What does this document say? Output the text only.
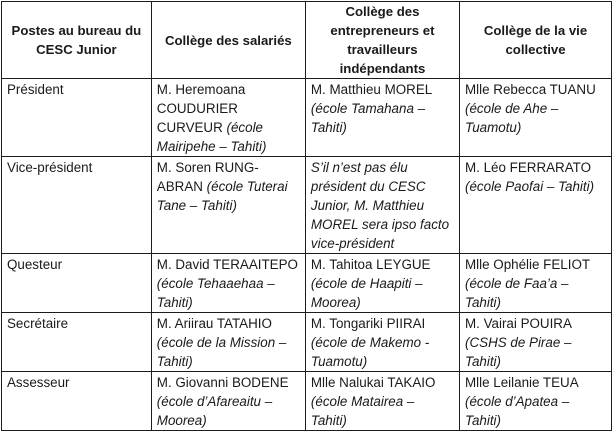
Postes au bureau du CESC Junior	Collège des salariés	Collège des entrepreneurs et travailleurs indépendants	Collège de la vie collective
Président	M. Heremoana COUDURIER CURVEUR (école Mairipehe – Tahiti)	M. Matthieu MOREL (école Tamahana – Tahiti)	Mlle Rebecca TUANU (école de Ahe – Tuamotu)
Vice-président	M. Soren RUNG-ABRAN (école Tuterai Tane – Tahiti)	S’il n’est pas élu président du CESC Junior, M. Matthieu MOREL sera ipso facto vice-président	M. Léo FERRARATO (école Paofai – Tahiti)
Questeur	M. David TERAAITEPO (école Tehaaehaa – Tahiti)	M. Tahitoa LEYGUE (école de Haapiti – Moorea)	Mlle Ophélie FELIOT (école de Faa’a – Tahiti)
Secrétaire	M. Ariirau TATAHIO (école de la Mission – Tahiti)	M. Tongariki PIIRAI (école de Makemo - Tuamotu)	M. Vairai POUIRA (CSHS de Pirae – Tahiti)
Assesseur	M. Giovanni BODENE (école d’Afareaitu – Moorea)	Mlle Nalukai TAKAIO (école Matairea – Tahiti)	Mlle Leilanie TEUA (école d’Apatea – Tahiti)
